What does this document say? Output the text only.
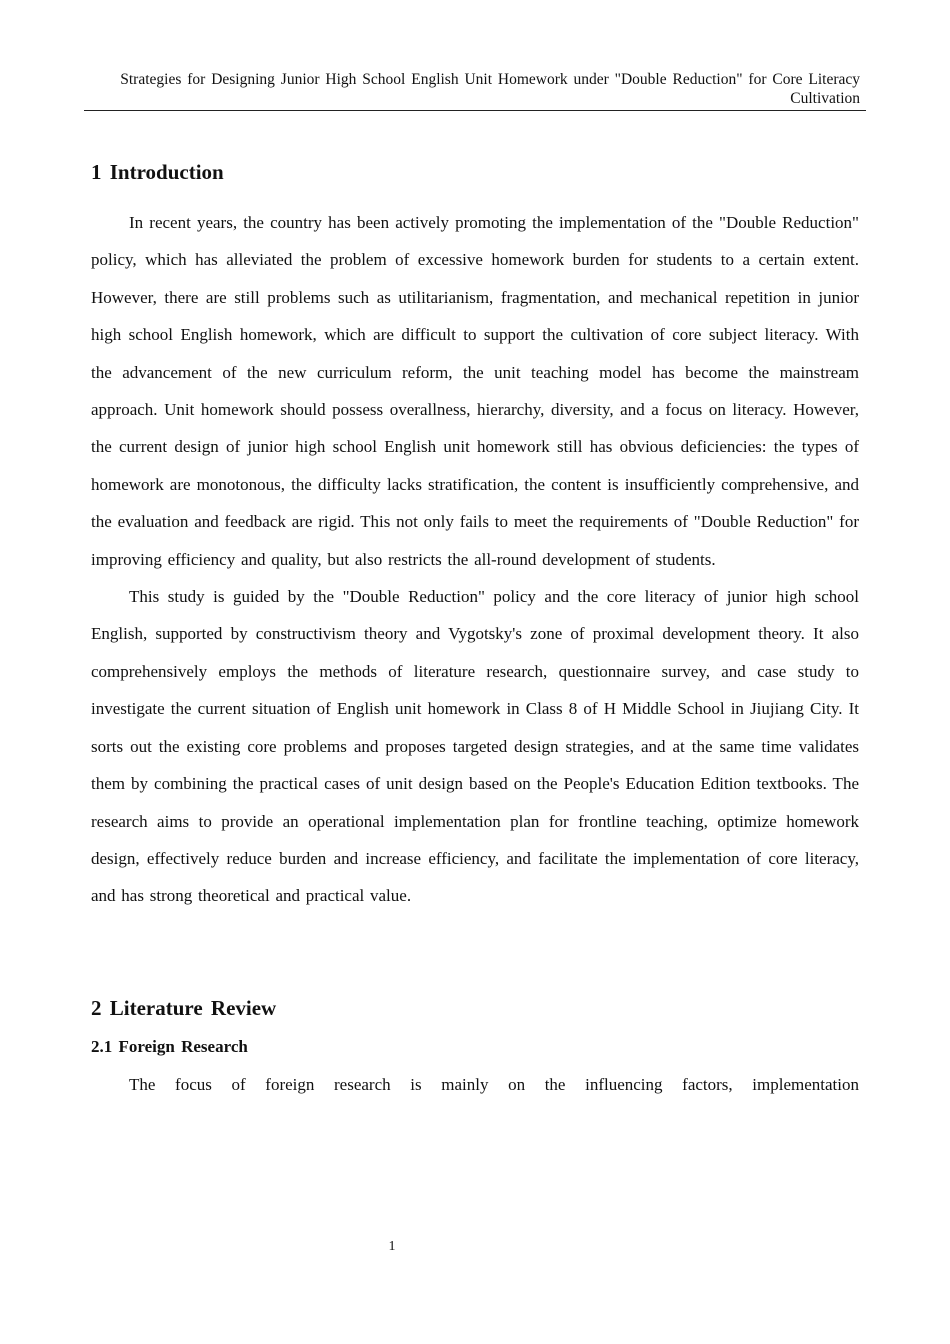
Strategies for Designing Junior High School English Unit Homework under "Double Reduction" for Core Literacy Cultivation
1 Introduction

In recent years, the country has been actively promoting the implementation of the "Double Reduction" policy, which has alleviated the problem of excessive homework burden for students to a certain extent. However, there are still problems such as utilitarianism, fragmentation, and mechanical repetition in junior high school English homework, which are difficult to support the cultivation of core subject literacy. With the advancement of the new curriculum reform, the unit teaching model has become the mainstream approach. Unit homework should possess overallness, hierarchy, diversity, and a focus on literacy. However, the current design of junior high school English unit homework still has obvious deficiencies: the types of homework are monotonous, the difficulty lacks stratification, the content is insufficiently comprehensive, and the evaluation and feedback are rigid. This not only fails to meet the requirements of "Double Reduction" for improving efficiency and quality, but also restricts the all-round development of students.

This study is guided by the "Double Reduction" policy and the core literacy of junior high school English, supported by constructivism theory and Vygotsky's zone of proximal development theory. It also comprehensively employs the methods of literature research, questionnaire survey, and case study to investigate the current situation of English unit homework in Class 8 of H Middle School in Jiujiang City. It sorts out the existing core problems and proposes targeted design strategies, and at the same time validates them by combining the practical cases of unit design based on the People's Education Edition textbooks. The research aims to provide an operational implementation plan for frontline teaching, optimize homework design, effectively reduce burden and increase efficiency, and facilitate the implementation of core literacy, and has strong theoretical and practical value.

2 Literature Review
2.1 Foreign Research

The focus of foreign research is mainly on the influencing factors, implementation

1
